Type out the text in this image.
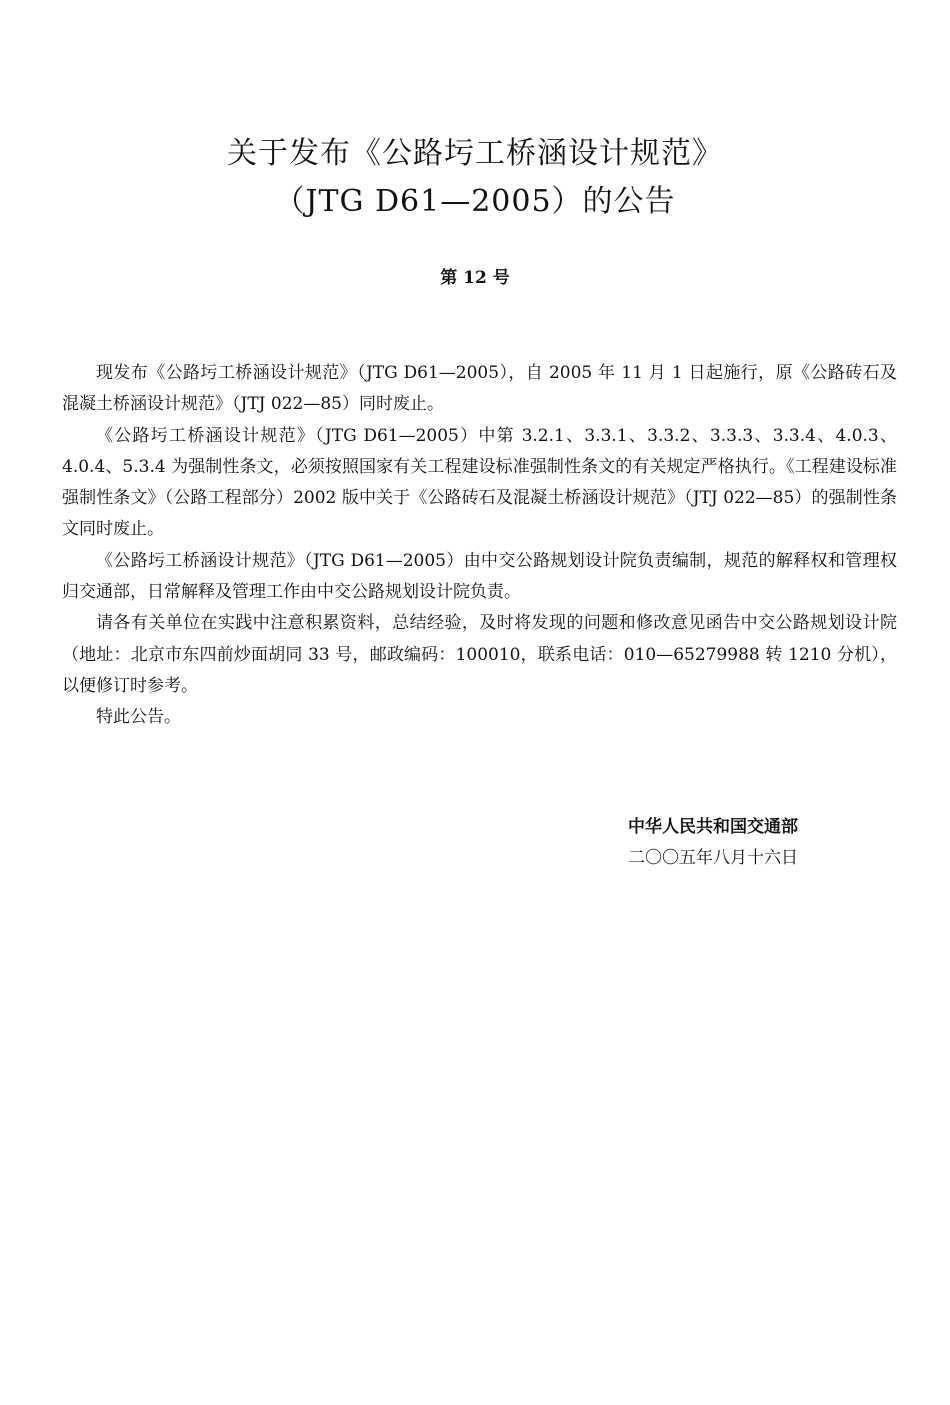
关于发布《公路圬工桥涵设计规范》
（JTG D61—2005）的公告
第 12 号

现发布《公路圬工桥涵设计规范》（JTG D61—2005），自 2005 年 11 月 1 日起施行，原《公路砖石及混凝土桥涵设计规范》（JTJ 022—85）同时废止。

《公路圬工桥涵设计规范》（JTG D61—2005）中第 3.2.1、3.3.1、3.3.2、3.3.3、3.3.4、4.0.3、4.0.4、5.3.4 为强制性条文，必须按照国家有关工程建设标准强制性条文的有关规定严格执行。《工程建设标准强制性条文》（公路工程部分）2002 版中关于《公路砖石及混凝土桥涵设计规范》（JTJ 022—85）的强制性条文同时废止。

《公路圬工桥涵设计规范》（JTG D61—2005）由中交公路规划设计院负责编制，规范的解释权和管理权归交通部，日常解释及管理工作由中交公路规划设计院负责。

请各有关单位在实践中注意积累资料，总结经验，及时将发现的问题和修改意见函告中交公路规划设计院（地址：北京市东四前炒面胡同 33 号，邮政编码：100010，联系电话：010—65279988 转 1210 分机），以便修订时参考。

特此公告。

中华人民共和国交通部
二〇〇五年八月十六日
